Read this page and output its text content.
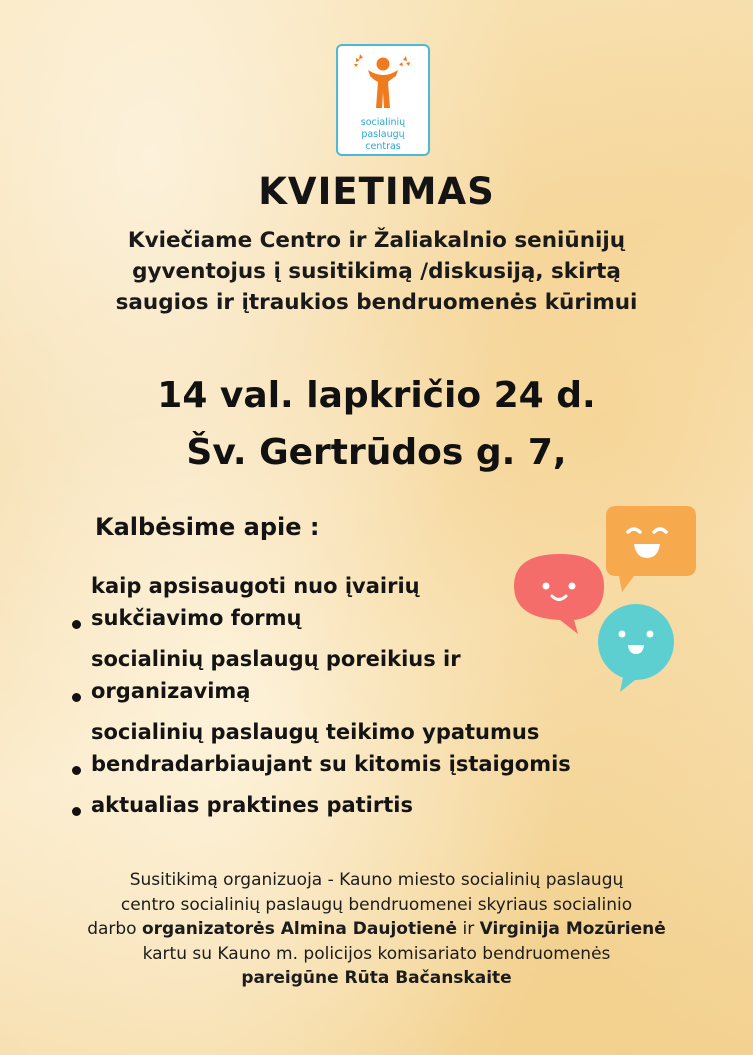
socialinių
paslaugų
centras
KVIETIMAS
Kviečiame Centro ir Žaliakalnio seniūnijų
gyventojus į susitikimą /diskusiją, skirtą
saugios ir įtraukios bendruomenės kūrimui
14 val. lapkričio 24 d.
Šv. Gertrūdos g. 7,
Kalbėsime apie :
kaip apsisaugoti nuo įvairių
sukčiavimo formų
socialinių paslaugų poreikius ir
organizavimą
socialinių paslaugų teikimo ypatumus
bendradarbiaujant su kitomis įstaigomis
aktualias praktines patirtis
Susitikimą organizuoja - Kauno miesto socialinių paslaugų
centro socialinių paslaugų bendruomenei skyriaus socialinio
darbo organizatorės Almina Daujotienė ir Virginija Mozūrienė
kartu su Kauno m. policijos komisariato bendruomenės
pareigūne Rūta Bačanskaite
